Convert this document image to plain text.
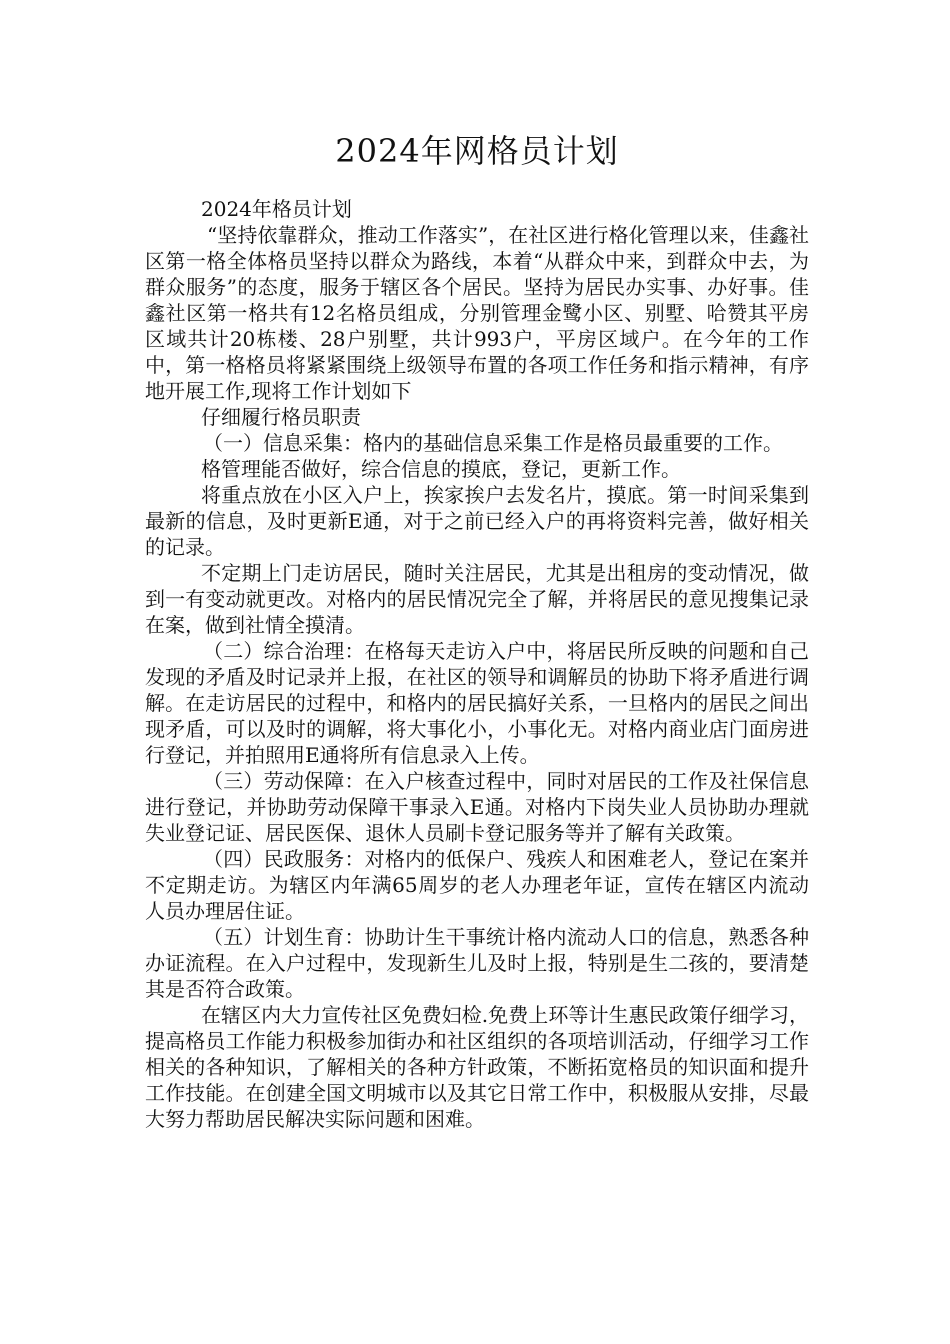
2024年网格员计划

2024年格员计划

“坚持依靠群众，推动工作落实”，在社区进行格化管理以来，佳鑫社区第一格全体格员坚持以群众为路线，本着“从群众中来，到群众中去，为群众服务”的态度，服务于辖区各个居民。坚持为居民办实事、办好事。佳鑫社区第一格共有12名格员组成，分别管理金鹭小区、别墅、哈赞其平房区域共计20栋楼、28户别墅，共计993户，平房区域户。在今年的工作中，第一格格员将紧紧围绕上级领导布置的各项工作任务和指示精神，有序地开展工作,现将工作计划如下

仔细履行格员职责

（一）信息采集：格内的基础信息采集工作是格员最重要的工作。

格管理能否做好，综合信息的摸底，登记，更新工作。

将重点放在小区入户上，挨家挨户去发名片，摸底。第一时间采集到最新的信息，及时更新E通，对于之前已经入户的再将资料完善，做好相关的记录。

不定期上门走访居民，随时关注居民，尤其是出租房的变动情况，做到一有变动就更改。对格内的居民情况完全了解，并将居民的意见搜集记录在案，做到社情全摸清。

（二）综合治理：在格每天走访入户中，将居民所反映的问题和自己发现的矛盾及时记录并上报，在社区的领导和调解员的协助下将矛盾进行调解。在走访居民的过程中，和格内的居民搞好关系，一旦格内的居民之间出现矛盾，可以及时的调解，将大事化小，小事化无。对格内商业店门面房进行登记，并拍照用E通将所有信息录入上传。

（三）劳动保障：在入户核查过程中，同时对居民的工作及社保信息进行登记，并协助劳动保障干事录入E通。对格内下岗失业人员协助办理就失业登记证、居民医保、退休人员刷卡登记服务等并了解有关政策。

（四）民政服务：对格内的低保户、残疾人和困难老人，登记在案并不定期走访。为辖区内年满65周岁的老人办理老年证，宣传在辖区内流动人员办理居住证。

（五）计划生育：协助计生干事统计格内流动人口的信息，熟悉各种办证流程。在入户过程中，发现新生儿及时上报，特别是生二孩的，要清楚其是否符合政策。

在辖区内大力宣传社区免费妇检.免费上环等计生惠民政策仔细学习，提高格员工作能力积极参加街办和社区组织的各项培训活动，仔细学习工作相关的各种知识，了解相关的各种方针政策，不断拓宽格员的知识面和提升工作技能。在创建全国文明城市以及其它日常工作中，积极服从安排，尽最大努力帮助居民解决实际问题和困难。
